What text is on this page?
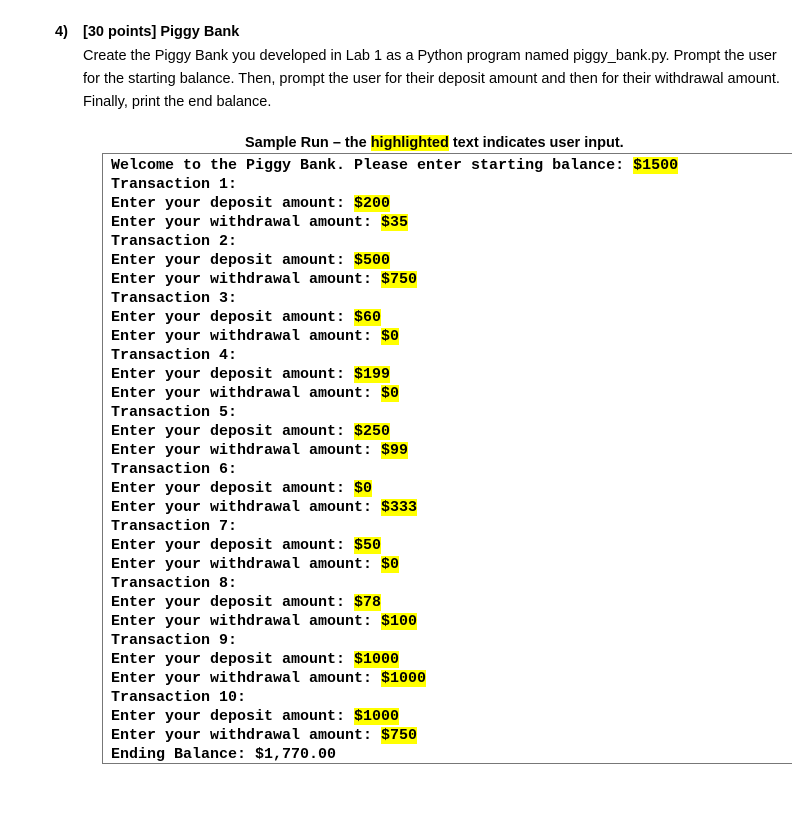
4)	[30 points] Piggy Bank
Create the Piggy Bank you developed in Lab 1 as a Python program named piggy_bank.py. Prompt the user for the starting balance. Then, prompt the user for their deposit amount and then for their withdrawal amount. Finally, print the end balance.
Sample Run – the highlighted text indicates user input.
Welcome to the Piggy Bank. Please enter starting balance: $1500
Transaction 1:
Enter your deposit amount: $200
Enter your withdrawal amount: $35
Transaction 2:
Enter your deposit amount: $500
Enter your withdrawal amount: $750
Transaction 3:
Enter your deposit amount: $60
Enter your withdrawal amount: $0
Transaction 4:
Enter your deposit amount: $199
Enter your withdrawal amount: $0
Transaction 5:
Enter your deposit amount: $250
Enter your withdrawal amount: $99
Transaction 6:
Enter your deposit amount: $0
Enter your withdrawal amount: $333
Transaction 7:
Enter your deposit amount: $50
Enter your withdrawal amount: $0
Transaction 8:
Enter your deposit amount: $78
Enter your withdrawal amount: $100
Transaction 9:
Enter your deposit amount: $1000
Enter your withdrawal amount: $1000
Transaction 10:
Enter your deposit amount: $1000
Enter your withdrawal amount: $750
Ending Balance: $1,770.00
